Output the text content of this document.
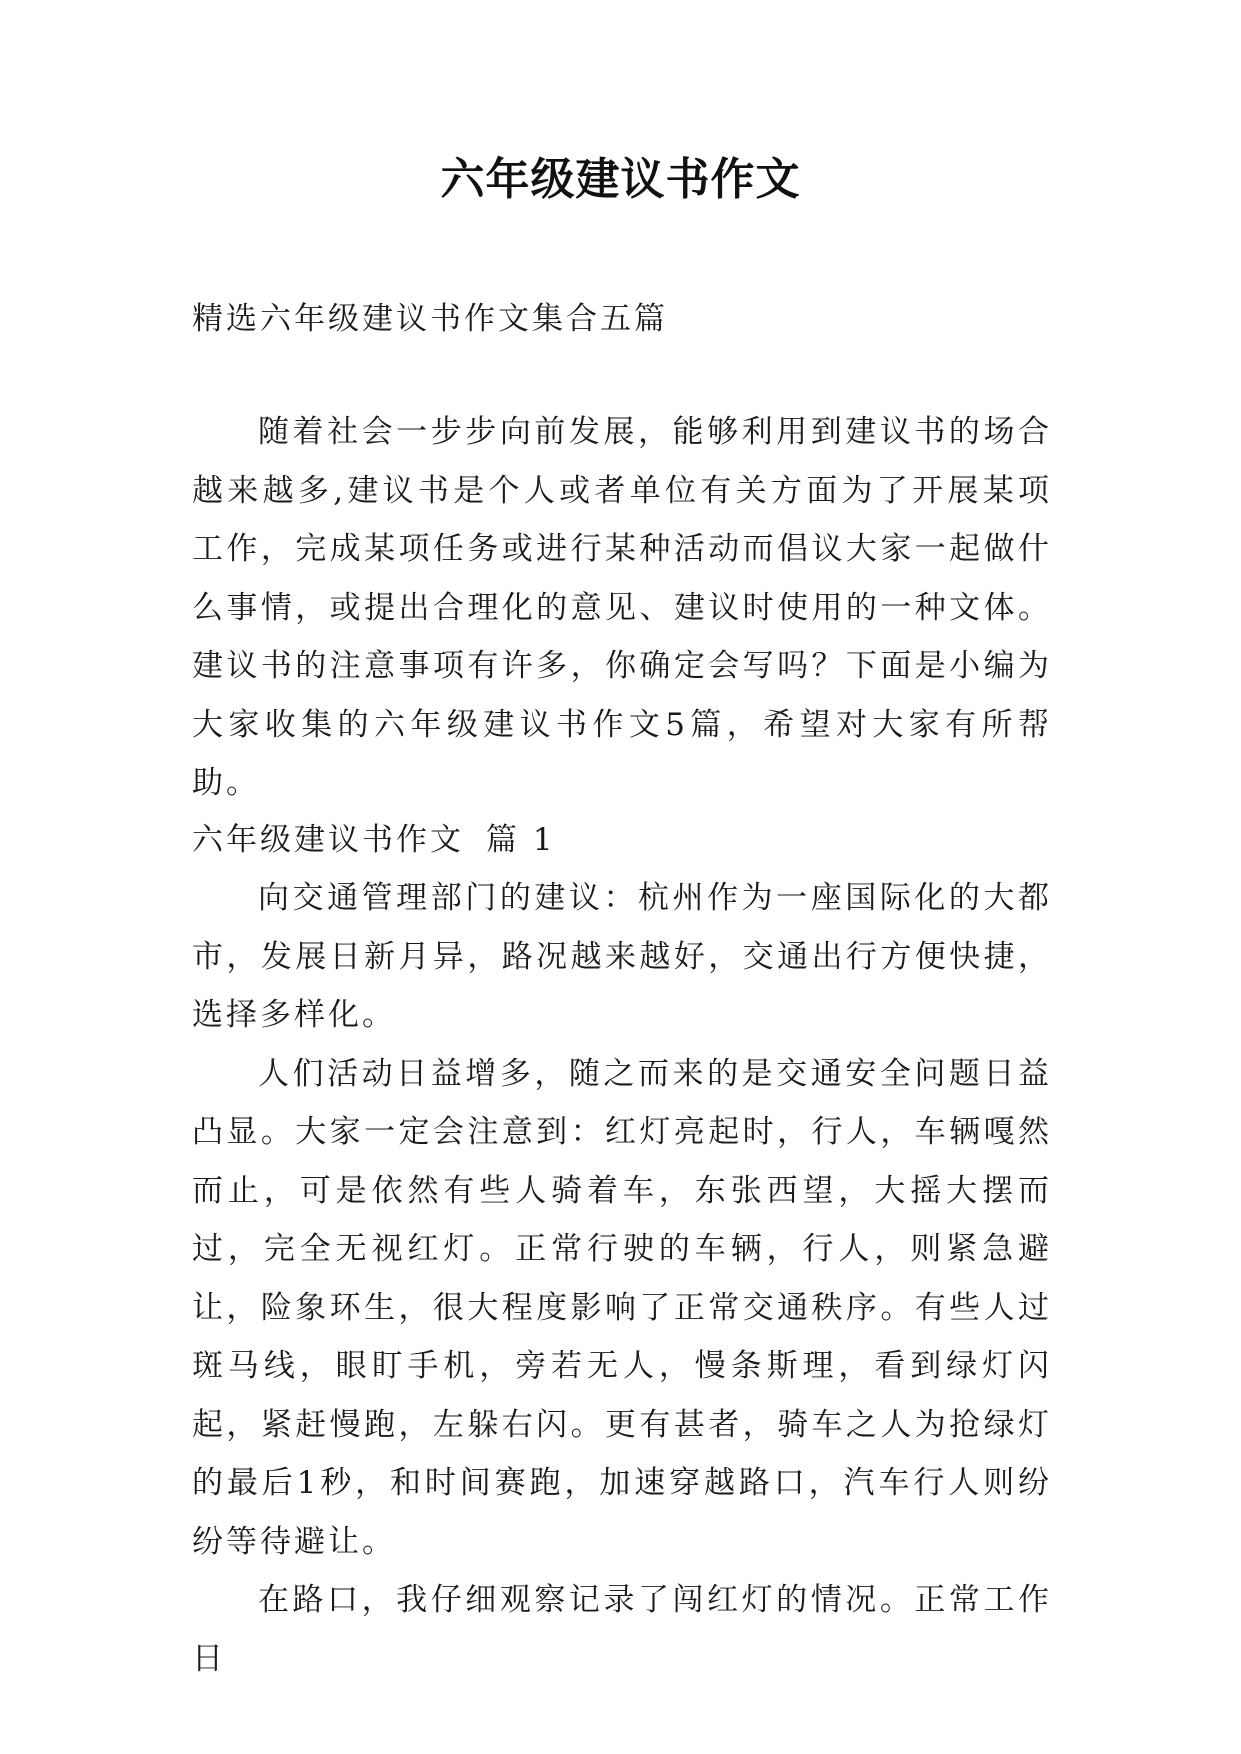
六年级建议书作文
精选六年级建议书作文集合五篇

随着社会一步步向前发展，能够利用到建议书的场合越来越多,建议书是个人或者单位有关方面为了开展某项工作，完成某项任务或进行某种活动而倡议大家一起做什么事情，或提出合理化的意见、建议时使用的一种文体。建议书的注意事项有许多，你确定会写吗？下面是小编为大家收集的六年级建议书作文5篇，希望对大家有所帮助。

六年级建议书作文 篇 1

向交通管理部门的建议：杭州作为一座国际化的大都市，发展日新月异，路况越来越好，交通出行方便快捷，选择多样化。

人们活动日益增多，随之而来的是交通安全问题日益凸显。大家一定会注意到：红灯亮起时，行人，车辆嘎然而止，可是依然有些人骑着车，东张西望，大摇大摆而过，完全无视红灯。正常行驶的车辆，行人，则紧急避让，险象环生，很大程度影响了正常交通秩序。有些人过斑马线，眼盯手机，旁若无人，慢条斯理，看到绿灯闪起，紧赶慢跑，左躲右闪。更有甚者，骑车之人为抢绿灯的最后1秒，和时间赛跑，加速穿越路口，汽车行人则纷纷等待避让。

在路口，我仔细观察记录了闯红灯的情况。正常工作日
